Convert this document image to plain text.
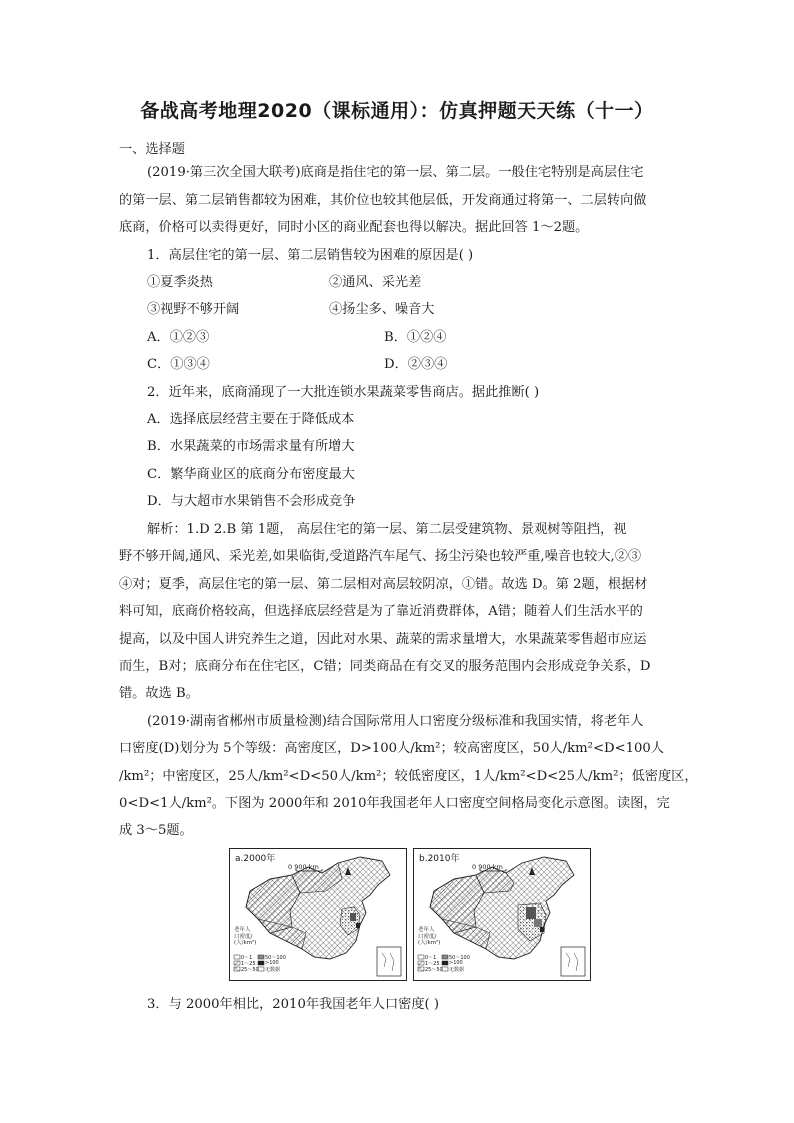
备战高考地理2020（课标通用）：仿真押题天天练（十一）
一、选择题
(2019·第三次全国大联考)底商是指住宅的第一层、第二层。一般住宅特别是高层住宅
的第一层、第二层销售都较为困难，其价位也较其他层低，开发商通过将第一、二层转向做
底商，价格可以卖得更好，同时小区的商业配套也得以解决。据此回答 1～2题。
1．高层住宅的第一层、第二层销售较为困难的原因是( )
①夏季炎热	②通风、采光差
③视野不够开阔	④扬尘多、噪音大
A．①②③	B．①②④
C．①③④	D．②③④
2．近年来，底商涌现了一大批连锁水果蔬菜零售商店。据此推断( )
A．选择底层经营主要在于降低成本
B．水果蔬菜的市场需求量有所增大
C．繁华商业区的底商分布密度最大
D．与大超市水果销售不会形成竞争
解析：1.D 2.B 第 1题， 高层住宅的第一层、第二层受建筑物、景观树等阻挡，视
野不够开阔,通风、采光差,如果临街,受道路汽车尾气、扬尘污染也较严重,噪音也较大,②③
④对；夏季，高层住宅的第一层、第二层相对高层较阴凉，①错。故选 D。第 2题，根据材
料可知，底商价格较高，但选择底层经营是为了靠近消费群体，A错；随着人们生活水平的
提高，以及中国人讲究养生之道，因此对水果、蔬菜的需求量增大，水果蔬菜零售超市应运
而生，B对；底商分布在住宅区，C错；同类商品在有交叉的服务范围内会形成竞争关系，D
错。故选 B。
(2019·湖南省郴州市质量检测)结合国际常用人口密度分级标准和我国实情，将老年人
口密度(D)划分为 5个等级：高密度区，D>100人/km²；较高密度区，50人/km²<D<100人
/km²；中密度区，25人/km²<D<50人/km²；较低密度区，1人/km²<D<25人/km²；低密度区，
0<D<1人/km²。下图为 2000年和 2010年我国老年人口密度空间格局变化示意图。读图，完
成 3～5题。
a.2000年
0 900 km
老年人
口密度/
(人/km²)
0～1
1～25
25～50
50～100
>100
无数据
b.2010年
0 900 km
老年人
口密度/
(人/km²)
0～1
1～25
25～50
50～100
>100
无数据
3．与 2000年相比，2010年我国老年人口密度( )
